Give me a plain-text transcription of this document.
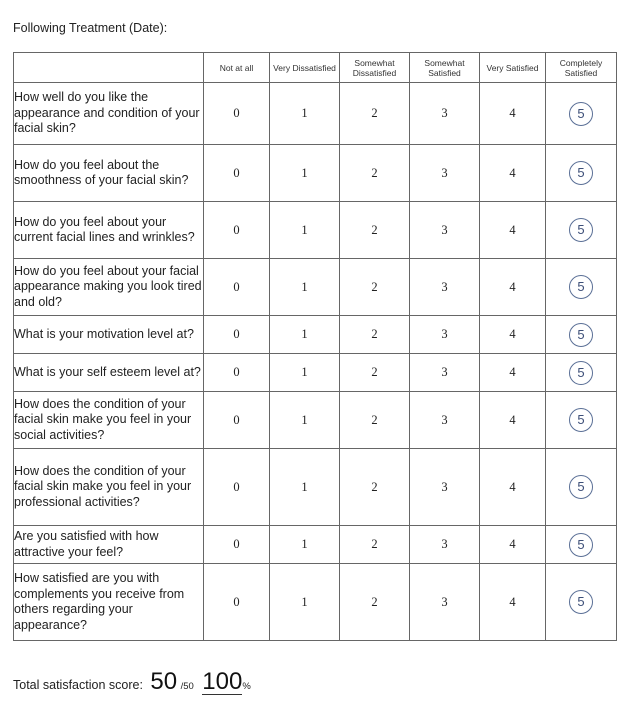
Following Treatment (Date):
	Not at all	Very Dissatisfied	Somewhat Dissatisfied	Somewhat Satisfied	Very Satisfied	Completely Satisfied
How well do you like the appearance and condition of your facial skin?	0	1	2	3	4	5
How do you feel about the smoothness of your facial skin?	0	1	2	3	4	5
How do you feel about your current facial lines and wrinkles?	0	1	2	3	4	5
How do you feel about your facial appearance making you look tired and old?	0	1	2	3	4	5
What is your motivation level at?	0	1	2	3	4	5
What is your self esteem level at?	0	1	2	3	4	5
How does the condition of your facial skin make you feel in your social activities?	0	1	2	3	4	5
How does the condition of your facial skin make you feel in your professional activities?	0	1	2	3	4	5
Are you satisfied with how attractive your feel?	0	1	2	3	4	5
How satisfied are you with complements you receive from others regarding your appearance?	0	1	2	3	4	5
Total satisfaction score: 50 /50 100%
